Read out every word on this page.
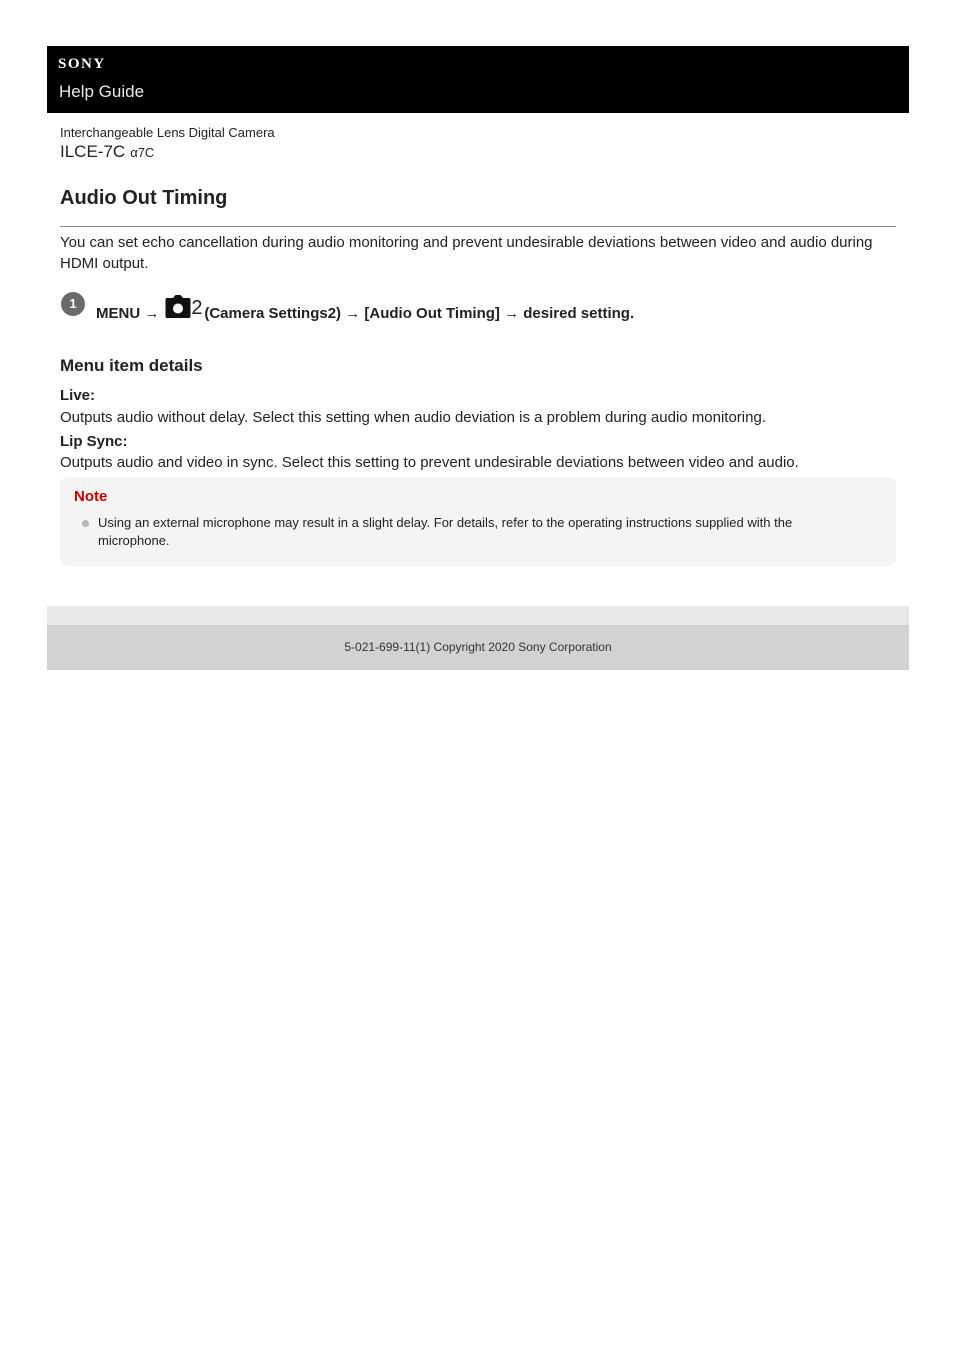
SONY
Help Guide
Interchangeable Lens Digital Camera
ILCE-7C α7C
Audio Out Timing

You can set echo cancellation during audio monitoring and prevent undesirable deviations between video and audio during HDMI output.

1
MENU → 2 (Camera Settings2) → [Audio Out Timing] → desired setting.
Menu item details
Live:
Outputs audio without delay. Select this setting when audio deviation is a problem during audio monitoring.
Lip Sync:
Outputs audio and video in sync. Select this setting to prevent undesirable deviations between video and audio.
Note

Using an external microphone may result in a slight delay. For details, refer to the operating instructions supplied with the microphone.

5-021-699-11(1) Copyright 2020 Sony Corporation
